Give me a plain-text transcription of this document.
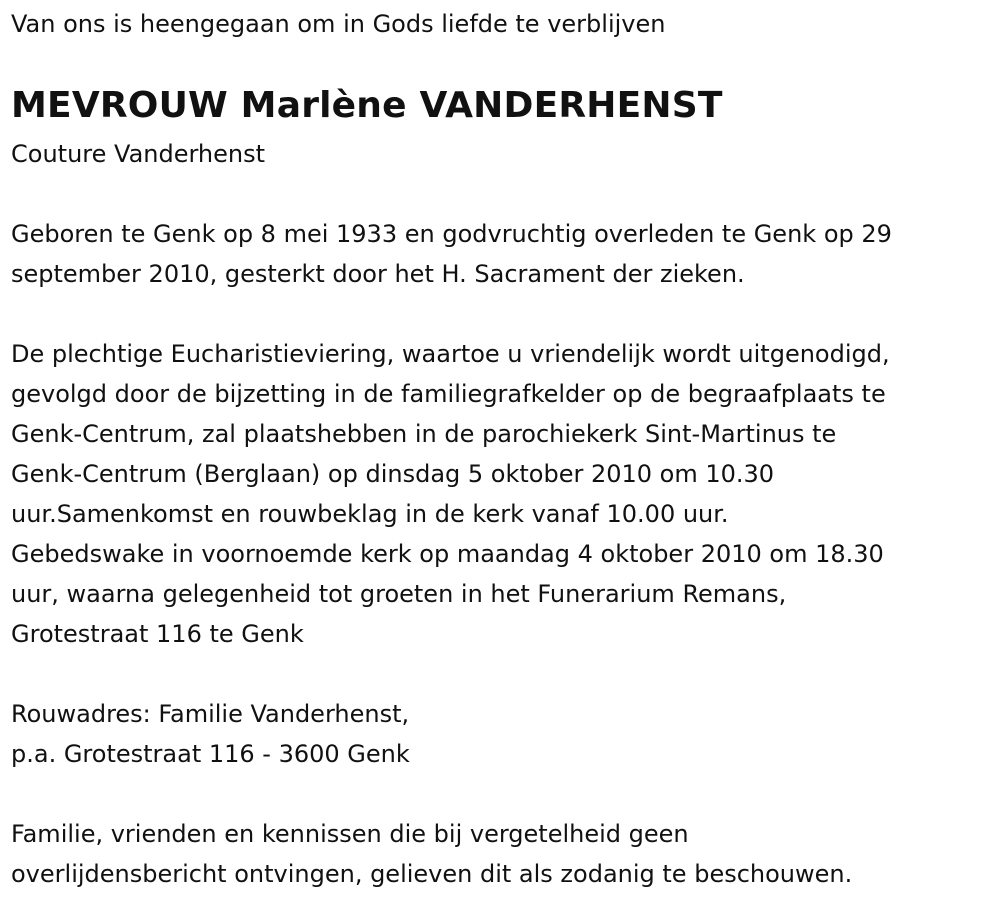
Van ons is heengegaan om in Gods liefde te verblijven

MEVROUW Marlène VANDERHENST

Couture Vanderhenst

Geboren te Genk op 8 mei 1933 en godvruchtig overleden te Genk op 29

september 2010, gesterkt door het H. Sacrament der zieken.

De plechtige Eucharistieviering, waartoe u vriendelijk wordt uitgenodigd,

gevolgd door de bijzetting in de familiegrafkelder op de begraafplaats te

Genk-Centrum, zal plaatshebben in de parochiekerk Sint-Martinus te

Genk-Centrum (Berglaan) op dinsdag 5 oktober 2010 om 10.30

uur.Samenkomst en rouwbeklag in de kerk vanaf 10.00 uur.

Gebedswake in voornoemde kerk op maandag 4 oktober 2010 om 18.30

uur, waarna gelegenheid tot groeten in het Funerarium Remans,

Grotestraat 116 te Genk

Rouwadres: Familie Vanderhenst,

p.a. Grotestraat 116 - 3600 Genk

Familie, vrienden en kennissen die bij vergetelheid geen

overlijdensbericht ontvingen, gelieven dit als zodanig te beschouwen.
